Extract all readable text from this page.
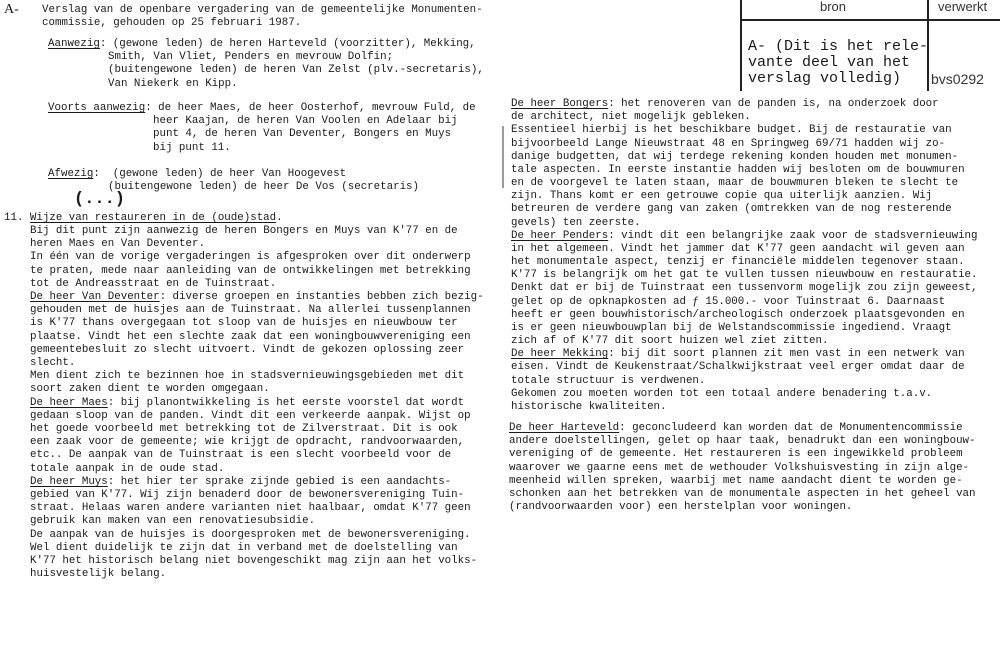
bron	verwerkt
A- (Dit is het rele-
vante deel van het
verslag volledig) bvs0292
A-
(...)
Verslag van de openbare vergadering van de gemeentelijke Monumenten-
commissie, gehouden op 25 februari 1987.
Aanwezig: (gewone leden) de heren Harteveld (voorzitter), Mekking,
Smith, Van Vliet, Penders en mevrouw Dolfin;
(buitengewone leden) de heren Van Zelst (plv.-secretaris),
Van Niekerk en Kipp.
Voorts aanwezig: de heer Maes, de heer Oosterhof, mevrouw Fuld, de
heer Kaajan, de heren Van Voolen en Adelaar bij
punt 4, de heren Van Deventer, Bongers en Muys
bij punt 11.
Afwezig:  (gewone leden) de heer Van Hoogevest
(buitengewone leden) de heer De Vos (secretaris)
11. Wijze van restaureren in de (oude)stad.
Bij dit punt zijn aanwezig de heren Bongers en Muys van K'77 en de
heren Maes en Van Deventer.
In één van de vorige vergaderingen is afgesproken over dit onderwerp
te praten, mede naar aanleiding van de ontwikkelingen met betrekking
tot de Andreasstraat en de Tuinstraat.
De heer Van Deventer: diverse groepen en instanties bebben zich bezig-
gehouden met de huisjes aan de Tuinstraat. Na allerlei tussenplannen
is K'77 thans overgegaan tot sloop van de huisjes en nieuwbouw ter
plaatse. Vindt het een slechte zaak dat een woningbouwvereniging een
gemeentebesluit zo slecht uitvoert. Vindt de gekozen oplossing zeer
slecht.
Men dient zich te bezinnen hoe in stadsvernieuwingsgebieden met dit
soort zaken dient te worden omgegaan.
De heer Maes: bij planontwikkeling is het eerste voorstel dat wordt
gedaan sloop van de panden. Vindt dit een verkeerde aanpak. Wijst op
het goede voorbeeld met betrekking tot de Zilverstraat. Dit is ook
een zaak voor de gemeente; wie krijgt de opdracht, randvoorwaarden,
etc.. De aanpak van de Tuinstraat is een slecht voorbeeld voor de
totale aanpak in de oude stad.
De heer Muys: het hier ter sprake zijnde gebied is een aandachts-
gebied van K'77. Wij zijn benaderd door de bewonersvereniging Tuin-
straat. Helaas waren andere varianten niet haalbaar, omdat K'77 geen
gebruik kan maken van een renovatiesubsidie.
De aanpak van de huisjes is doorgesproken met de bewonersvereniging.
Wel dient duidelijk te zijn dat in verband met de doelstelling van
K'77 het historisch belang niet bovengeschikt mag zijn aan het volks-
huisvestelijk belang.
De heer Bongers: het renoveren van de panden is, na onderzoek door
de architect, niet mogelijk gebleken.
Essentieel hierbij is het beschikbare budget. Bij de restauratie van
bijvoorbeeld Lange Nieuwstraat 48 en Springweg 69/71 hadden wij zo-
danige budgetten, dat wij terdege rekening konden houden met monumen-
tale aspecten. In eerste instantie hadden wij besloten om de bouwmuren
en de voorgevel te laten staan, maar de bouwmuren bleken te slecht te
zijn. Thans komt er een getrouwe copie qua uiterlijk aanzien. Wij
betreuren de verdere gang van zaken (omtrekken van de nog resterende
gevels) ten zeerste.
De heer Penders: vindt dit een belangrijke zaak voor de stadsvernieuwing
in het algemeen. Vindt het jammer dat K'77 geen aandacht wil geven aan
het monumentale aspect, tenzij er financiële middelen tegenover staan.
K'77 is belangrijk om het gat te vullen tussen nieuwbouw en restauratie.
Denkt dat er bij de Tuinstraat een tussenvorm mogelijk zou zijn geweest,
gelet op de opknapkosten ad ƒ 15.000.- voor Tuinstraat 6. Daarnaast
heeft er geen bouwhistorisch/archeologisch onderzoek plaatsgevonden en
is er geen nieuwbouwplan bij de Welstandscommissie ingediend. Vraagt
zich af of K'77 dit soort huizen wel ziet zitten.
De heer Mekking: bij dit soort plannen zit men vast in een netwerk van
eisen. Vindt de Keukenstraat/Schalkwijkstraat veel erger omdat daar de
totale structuur is verdwenen.
Gekomen zou moeten worden tot een totaal andere benadering t.a.v.
historische kwaliteiten.
De heer Harteveld: geconcludeerd kan worden dat de Monumentencommissie
andere doelstellingen, gelet op haar taak, benadrukt dan een woningbouw-
vereniging of de gemeente. Het restaureren is een ingewikkeld probleem
waarover we gaarne eens met de wethouder Volkshuisvesting in zijn alge-
meenheid willen spreken, waarbij met name aandacht dient te worden ge-
schonken aan het betrekken van de monumentale aspecten in het geheel van
(randvoorwaarden voor) een herstelplan voor woningen.
